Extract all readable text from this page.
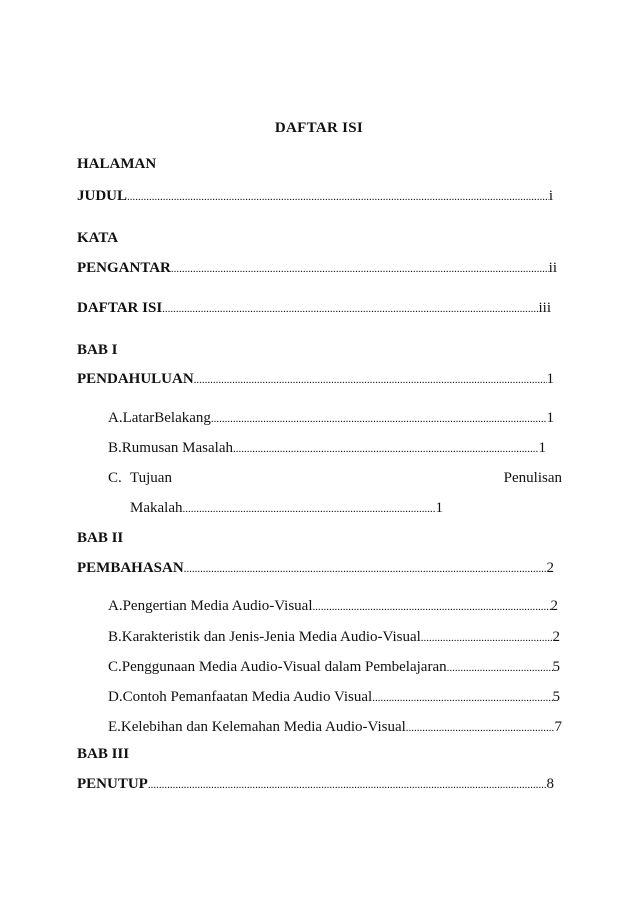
DAFTAR ISI
HALAMAN
JUDUL .....	i
KATA
PENGANTAR .....	ii
DAFTAR ISI .....	iii
BAB I
PENDAHULUAN .....	1
A. LatarBelakang .....	1
B. Rumusan Masalah .....	1
C. Tujuan	Penulisan
Makalah .....	1
BAB II
PEMBAHASAN .....	2
A. Pengertian Media Audio-Visual .....	2
B. Karakteristik dan Jenis-Jenia Media Audio-Visual .....	2
C. Penggunaan Media Audio-Visual dalam Pembelajaran .....	5
D. Contoh Pemanfaatan Media Audio Visual .....	5
E. Kelebihan dan Kelemahan Media Audio-Visual .....	7
BAB III
PENUTUP .....	8
